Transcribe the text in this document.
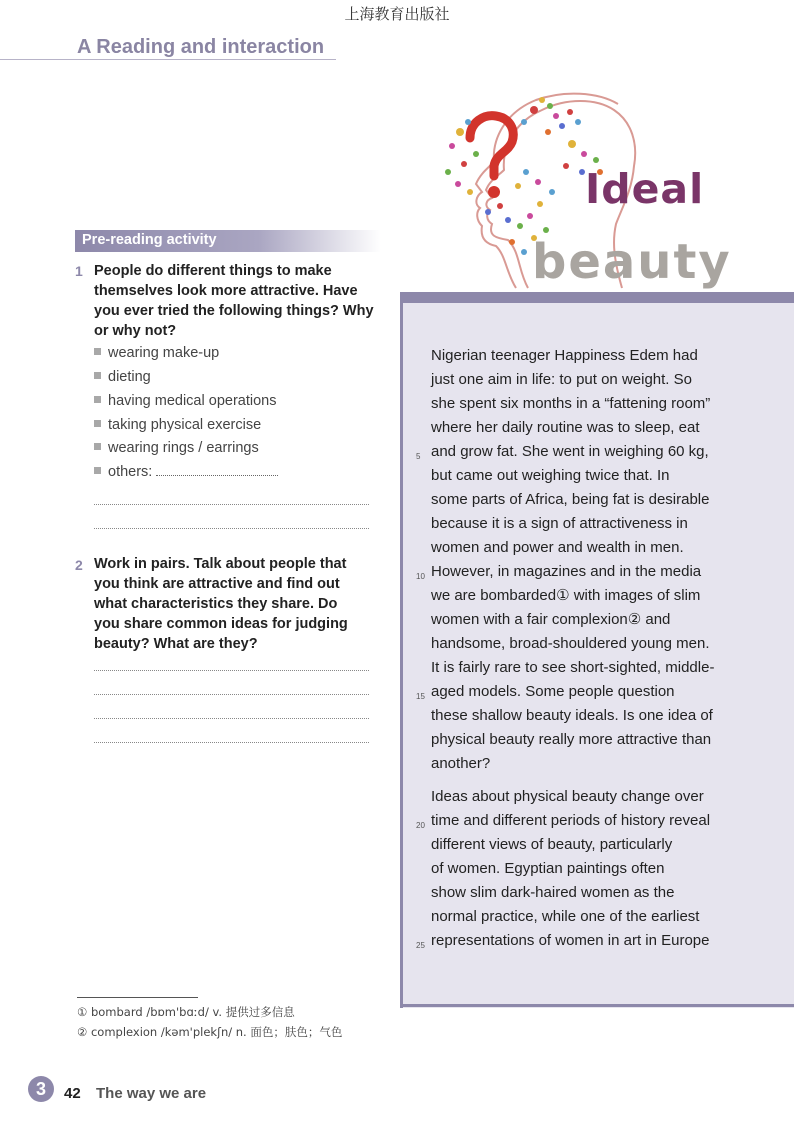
上海教育出版社
A Reading and interaction
Ideal
beauty
Pre-reading activity
1 People do different things to make
themselves look more attractive. Have
you ever tried the following things? Why
or why not?
wearing make-up
dieting
having medical operations
taking physical exercise
wearing rings / earrings
others:
2 Work in pairs. Talk about people that
you think are attractive and find out
what characteristics they share. Do
you share common ideas for judging
beauty? What are they?

Nigerian teenager Happiness Edem had
just one aim in life: to put on weight. So
she spent six months in a “fattening room”
where her daily routine was to sleep, eat
5 and grow fat. She went in weighing 60 kg,
but came out weighing twice that. In
some parts of Africa, being fat is desirable
because it is a sign of attractiveness in
women and power and wealth in men.
10 However, in magazines and in the media
we are bombarded① with images of slim
women with a fair complexion② and
handsome, broad-shouldered young men.
It is fairly rare to see short-sighted, middle-
15 aged models. Some people question
these shallow beauty ideals. Is one idea of
physical beauty really more attractive than
another?

Ideas about physical beauty change over
20 time and different periods of history reveal
different views of beauty, particularly
of women. Egyptian paintings often
show slim dark-haired women as the
normal practice, while one of the earliest
25 representations of women in art in Europe

① bombard /bɒm'bɑːd/ v. 提供过多信息
② complexion /kəm'plekʃn/ n. 面色；肤色；气色
3	42 The way we are
